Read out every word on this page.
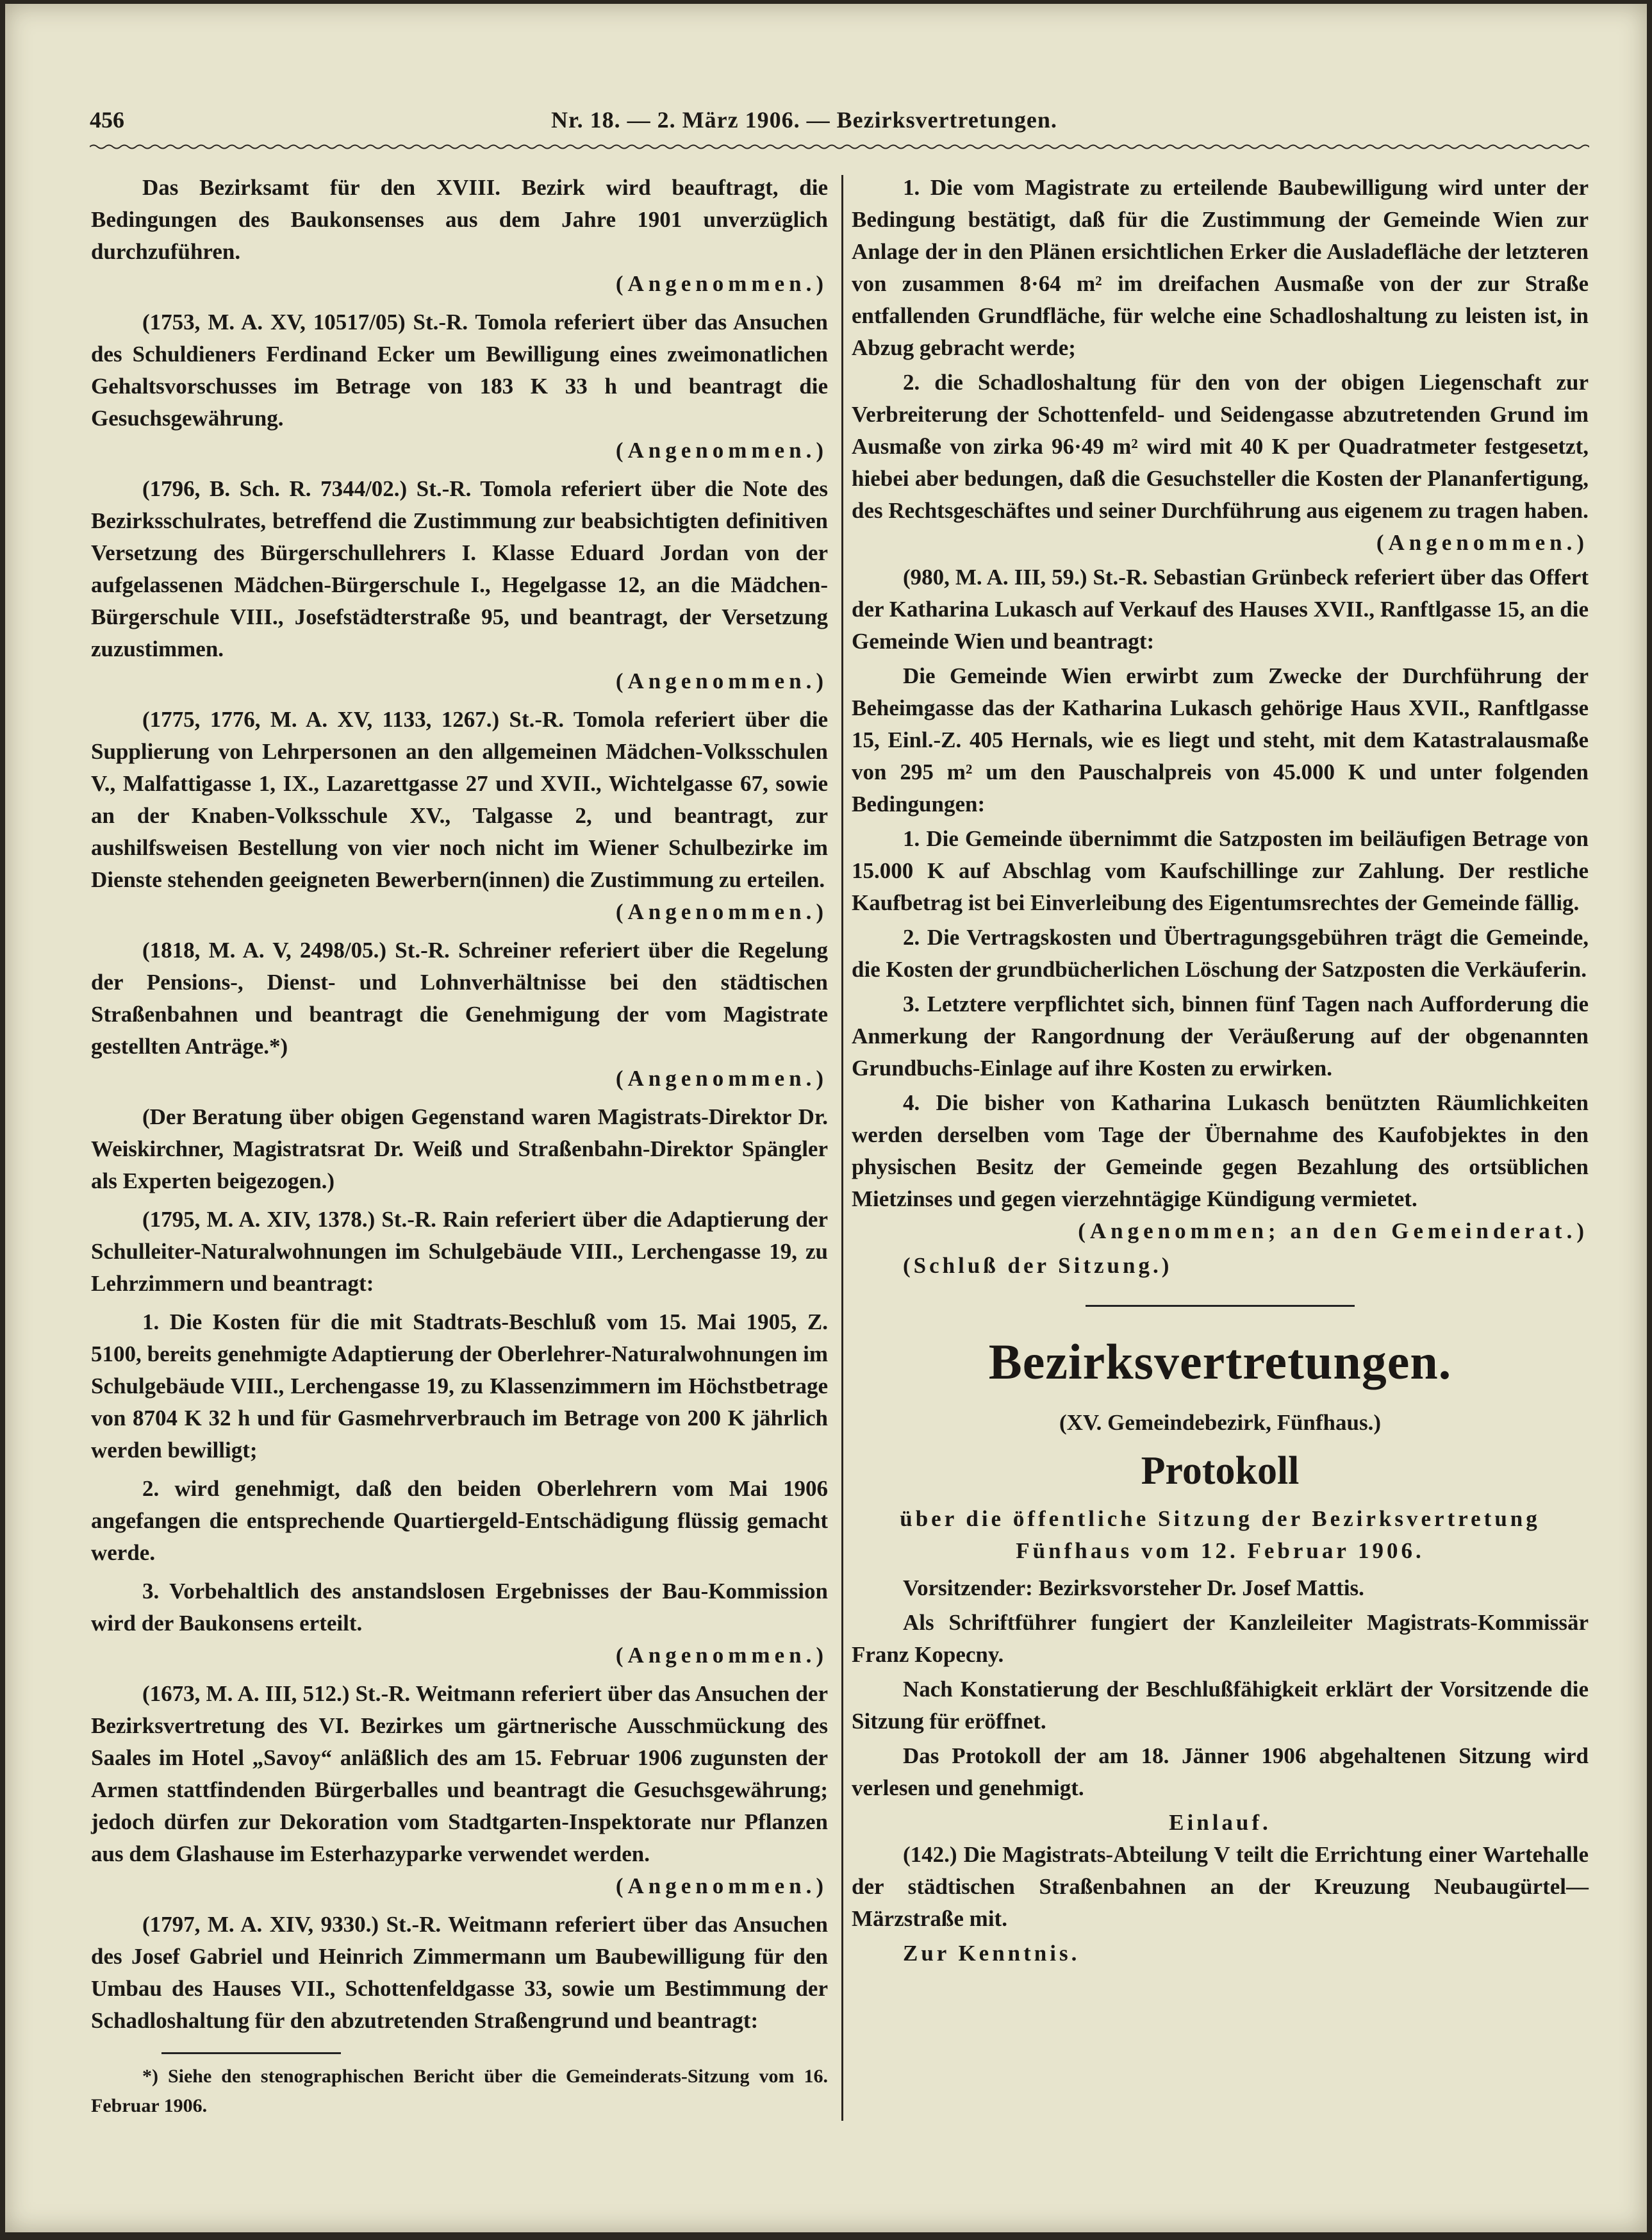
456	Nr. 18. — 2. März 1906. — Bezirksvertretungen.

Das Bezirksamt für den XVIII. Bezirk wird beauftragt, die Bedingungen des Baukonsenses aus dem Jahre 1901 unverzüglich durchzuführen.
(Angenommen.)

(1753, M. A. XV, 10517/05) St.-R. Tomola referiert über das Ansuchen des Schuldieners Ferdinand Ecker um Bewilligung eines zweimonatlichen Gehaltsvorschusses im Betrage von 183 K 33 h und beantragt die Gesuchsgewährung.
(Angenommen.)

(1796, B. Sch. R. 7344/02.) St.-R. Tomola referiert über die Note des Bezirksschulrates, betreffend die Zustimmung zur beabsichtigten definitiven Versetzung des Bürgerschullehrers I. Klasse Eduard Jordan von der aufgelassenen Mädchen-Bürgerschule I., Hegelgasse 12, an die Mädchen-Bürgerschule VIII., Josefstädterstraße 95, und beantragt, der Versetzung zuzustimmen.
(Angenommen.)

(1775, 1776, M. A. XV, 1133, 1267.) St.-R. Tomola referiert über die Supplierung von Lehrpersonen an den allgemeinen Mädchen-Volksschulen V., Malfattigasse 1, IX., Lazarettgasse 27 und XVII., Wichtelgasse 67, sowie an der Knaben-Volksschule XV., Talgasse 2, und beantragt, zur aushilfsweisen Bestellung von vier noch nicht im Wiener Schulbezirke im Dienste stehenden geeigneten Bewerbern(innen) die Zustimmung zu erteilen.
(Angenommen.)

(1818, M. A. V, 2498/05.) St.-R. Schreiner referiert über die Regelung der Pensions-, Dienst- und Lohnverhältnisse bei den städtischen Straßenbahnen und beantragt die Genehmigung der vom Magistrate gestellten Anträge.*)
(Angenommen.)

(Der Beratung über obigen Gegenstand waren Magistrats-Direktor Dr. Weiskirchner, Magistratsrat Dr. Weiß und Straßenbahn-Direktor Spängler als Experten beigezogen.)

(1795, M. A. XIV, 1378.) St.-R. Rain referiert über die Adaptierung der Schulleiter-Naturalwohnungen im Schulgebäude VIII., Lerchengasse 19, zu Lehrzimmern und beantragt:

1. Die Kosten für die mit Stadtrats-Beschluß vom 15. Mai 1905, Z. 5100, bereits genehmigte Adaptierung der Oberlehrer-Naturalwohnungen im Schulgebäude VIII., Lerchengasse 19, zu Klassenzimmern im Höchstbetrage von 8704 K 32 h und für Gasmehrverbrauch im Betrage von 200 K jährlich werden bewilligt;

2. wird genehmigt, daß den beiden Oberlehrern vom Mai 1906 angefangen die entsprechende Quartiergeld-Entschädigung flüssig gemacht werde.

3. Vorbehaltlich des anstandslosen Ergebnisses der Bau-Kommission wird der Baukonsens erteilt.
(Angenommen.)

(1673, M. A. III, 512.) St.-R. Weitmann referiert über das Ansuchen der Bezirksvertretung des VI. Bezirkes um gärtnerische Ausschmückung des Saales im Hotel „Savoy“ anläßlich des am 15. Februar 1906 zugunsten der Armen stattfindenden Bürgerballes und beantragt die Gesuchsgewährung; jedoch dürfen zur Dekoration vom Stadtgarten-Inspektorate nur Pflanzen aus dem Glashause im Esterhazyparke verwendet werden.
(Angenommen.)

(1797, M. A. XIV, 9330.) St.-R. Weitmann referiert über das Ansuchen des Josef Gabriel und Heinrich Zimmermann um Baubewilligung für den Umbau des Hauses VII., Schottenfeldgasse 33, sowie um Bestimmung der Schadloshaltung für den abzutretenden Straßengrund und beantragt:

*) Siehe den stenographischen Bericht über die Gemeinderats-Sitzung vom 16. Februar 1906.

1. Die vom Magistrate zu erteilende Baubewilligung wird unter der Bedingung bestätigt, daß für die Zustimmung der Gemeinde Wien zur Anlage der in den Plänen ersichtlichen Erker die Ausladefläche der letzteren von zusammen 8·64 m² im dreifachen Ausmaße von der zur Straße entfallenden Grundfläche, für welche eine Schadloshaltung zu leisten ist, in Abzug gebracht werde;

2. die Schadloshaltung für den von der obigen Liegenschaft zur Verbreiterung der Schottenfeld- und Seidengasse abzutretenden Grund im Ausmaße von zirka 96·49 m² wird mit 40 K per Quadratmeter festgesetzt, hiebei aber bedungen, daß die Gesuchsteller die Kosten der Plananfertigung, des Rechtsgeschäftes und seiner Durchführung aus eigenem zu tragen haben.
(Angenommen.)

(980, M. A. III, 59.) St.-R. Sebastian Grünbeck referiert über das Offert der Katharina Lukasch auf Verkauf des Hauses XVII., Ranftlgasse 15, an die Gemeinde Wien und beantragt:

Die Gemeinde Wien erwirbt zum Zwecke der Durchführung der Beheimgasse das der Katharina Lukasch gehörige Haus XVII., Ranftlgasse 15, Einl.-Z. 405 Hernals, wie es liegt und steht, mit dem Katastralausmaße von 295 m² um den Pauschalpreis von 45.000 K und unter folgenden Bedingungen:

1. Die Gemeinde übernimmt die Satzposten im beiläufigen Betrage von 15.000 K auf Abschlag vom Kaufschillinge zur Zahlung. Der restliche Kaufbetrag ist bei Einverleibung des Eigentumsrechtes der Gemeinde fällig.

2. Die Vertragskosten und Übertragungsgebühren trägt die Gemeinde, die Kosten der grundbücherlichen Löschung der Satzposten die Verkäuferin.

3. Letztere verpflichtet sich, binnen fünf Tagen nach Aufforderung die Anmerkung der Rangordnung der Veräußerung auf der obgenannten Grundbuchs-Einlage auf ihre Kosten zu erwirken.

4. Die bisher von Katharina Lukasch benützten Räumlichkeiten werden derselben vom Tage der Übernahme des Kaufobjektes in den physischen Besitz der Gemeinde gegen Bezahlung des ortsüblichen Mietzinses und gegen vierzehntägige Kündigung vermietet.
(Angenommen; an den Gemeinderat.)

(Schluß der Sitzung.)

Bezirksvertretungen.
(XV. Gemeindebezirk, Fünfhaus.)
Protokoll
über die öffentliche Sitzung der Bezirksvertretung Fünfhaus vom 12. Februar 1906.

Vorsitzender: Bezirksvorsteher Dr. Josef Mattis.

Als Schriftführer fungiert der Kanzleileiter Magistrats-Kommissär Franz Kopecny.

Nach Konstatierung der Beschlußfähigkeit erklärt der Vorsitzende die Sitzung für eröffnet.

Das Protokoll der am 18. Jänner 1906 abgehaltenen Sitzung wird verlesen und genehmigt.

Einlauf.

(142.) Die Magistrats-Abteilung V teilt die Errichtung einer Wartehalle der städtischen Straßenbahnen an der Kreuzung Neubaugürtel—Märzstraße mit.

Zur Kenntnis.
